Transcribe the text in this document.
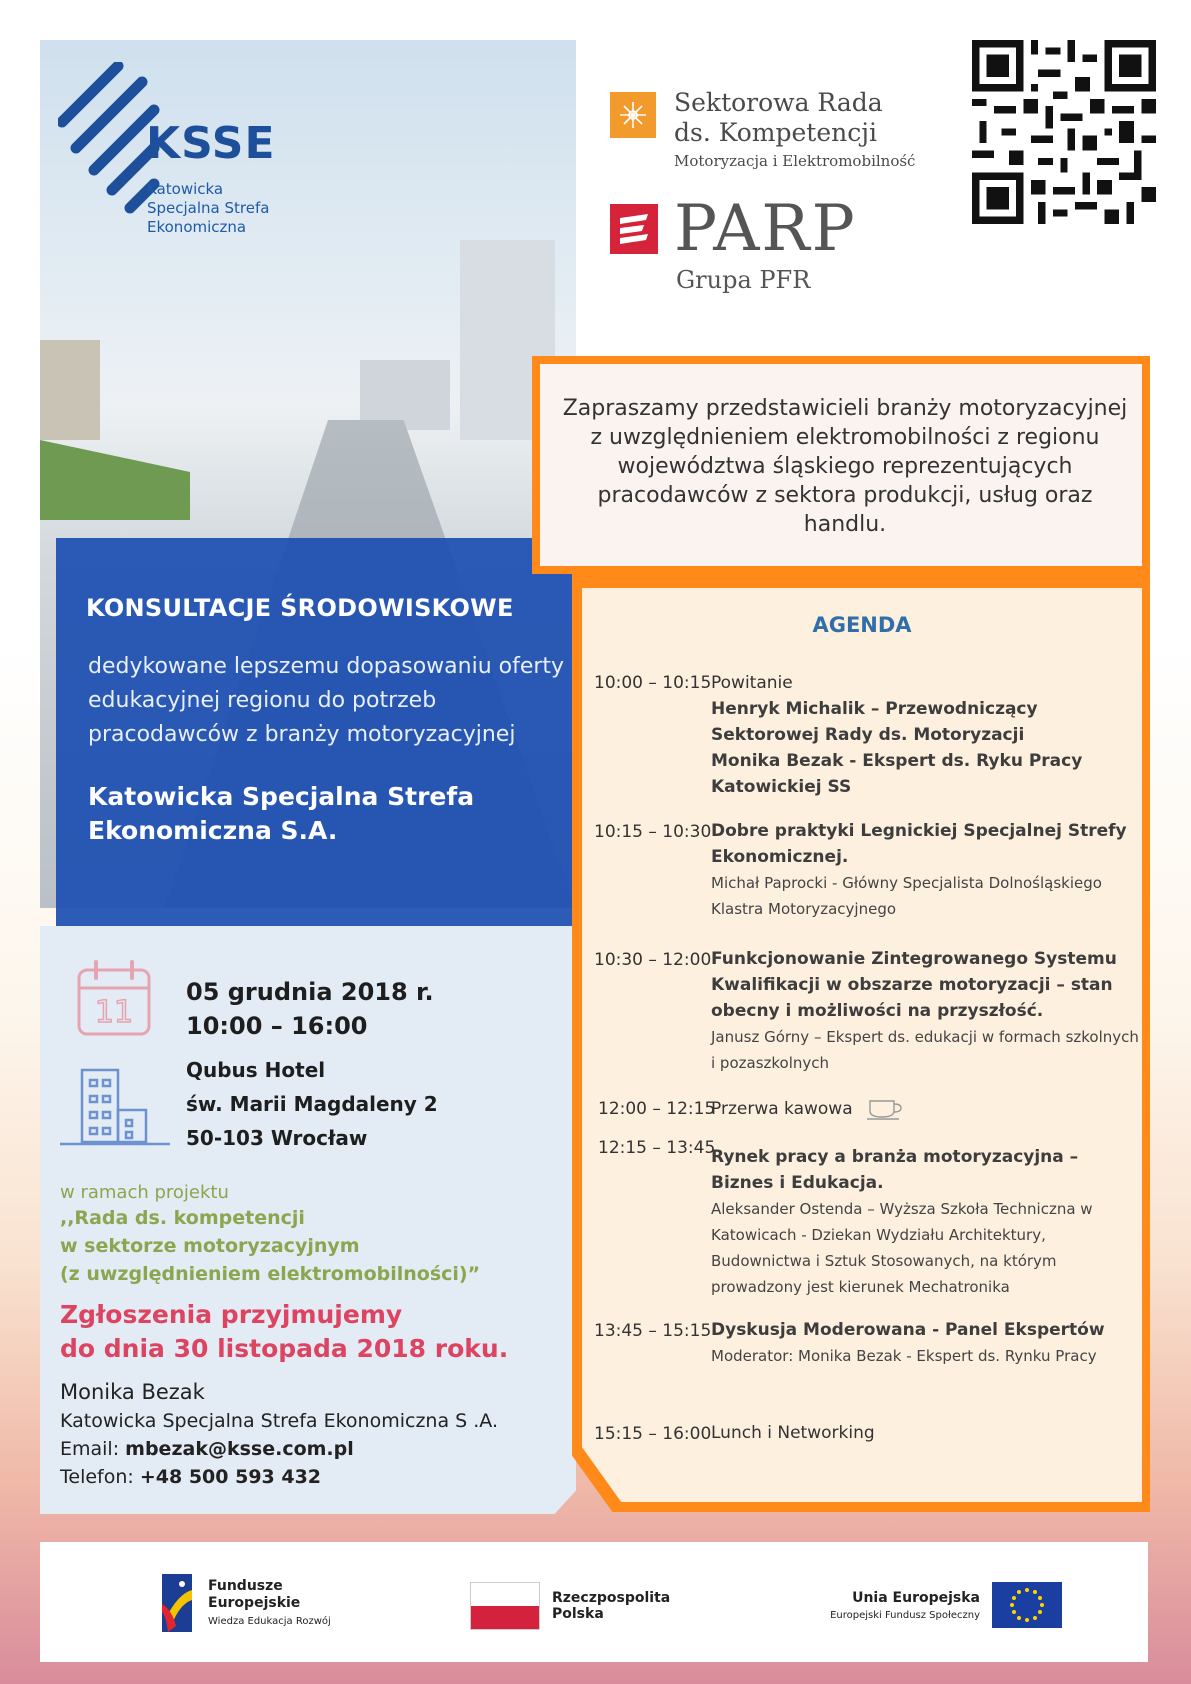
KSSE
Katowicka
Specjalna Strefa
Ekonomiczna
KONSULTACJE ŚRODOWISKOWE
dedykowane lepszemu dopasowaniu oferty edukacyjnej regionu do potrzeb pracodawców z branży motoryzacyjnej
Katowicka Specjalna Strefa Ekonomiczna S.A.
11
05 grudnia 2018 r.
10:00 – 16:00
Qubus Hotel
św. Marii Magdaleny 2
50-103 Wrocław
w ramach projektu
,,Rada ds. kompetencji
w sektorze motoryzacyjnym
(z uwzględnieniem elektromobilności)”
Zgłoszenia przyjmujemy
do dnia 30 listopada 2018 roku.
Monika Bezak
Katowicka Specjalna Strefa Ekonomiczna S .A.
Email: mbezak@ksse.com.pl
Telefon: +48 500 593 432
Sektorowa Rada
ds. Kompetencji
Motoryzacja i Elektromobilność
PARP
Grupa PFR
Zapraszamy przedstawicieli branży motoryzacyjnej z uwzględnieniem elektromobilności z regionu województwa śląskiego reprezentujących pracodawców z sektora produkcji, usług oraz handlu.
AGENDA
10:00 – 10:15 Powitanie
Henryk Michalik – Przewodniczący Sektorowej Rady ds. Motoryzacji
Monika Bezak - Ekspert ds. Ryku Pracy Katowickiej SS
10:15 – 10:30 Dobre praktyki Legnickiej Specjalnej Strefy Ekonomicznej.
Michał Paprocki - Główny Specjalista Dolnośląskiego Klastra Motoryzacyjnego
10:30 – 12:00 Funkcjonowanie Zintegrowanego Systemu Kwalifikacji w obszarze motoryzacji – stan obecny i możliwości na przyszłość.
Janusz Górny – Ekspert ds. edukacji w formach szkolnych i pozaszkolnych
12:00 – 12:15
Przerwa kawowa
12:15 – 13:45
Rynek pracy a branża motoryzacyjna – Biznes i Edukacja.
Aleksander Ostenda – Wyższa Szkoła Techniczna w Katowicach - Dziekan Wydziału Architektury, Budownictwa i Sztuk Stosowanych, na którym prowadzony jest kierunek Mechatronika
13:45 – 15:15 Dyskusja Moderowana - Panel Ekspertów
Moderator: Monika Bezak - Ekspert ds. Rynku Pracy
15:15 – 16:00 Lunch i Networking
Fundusze
Europejskie
Wiedza Edukacja Rozwój
Rzeczpospolita
Polska
Unia Europejska
Europejski Fundusz Społeczny
